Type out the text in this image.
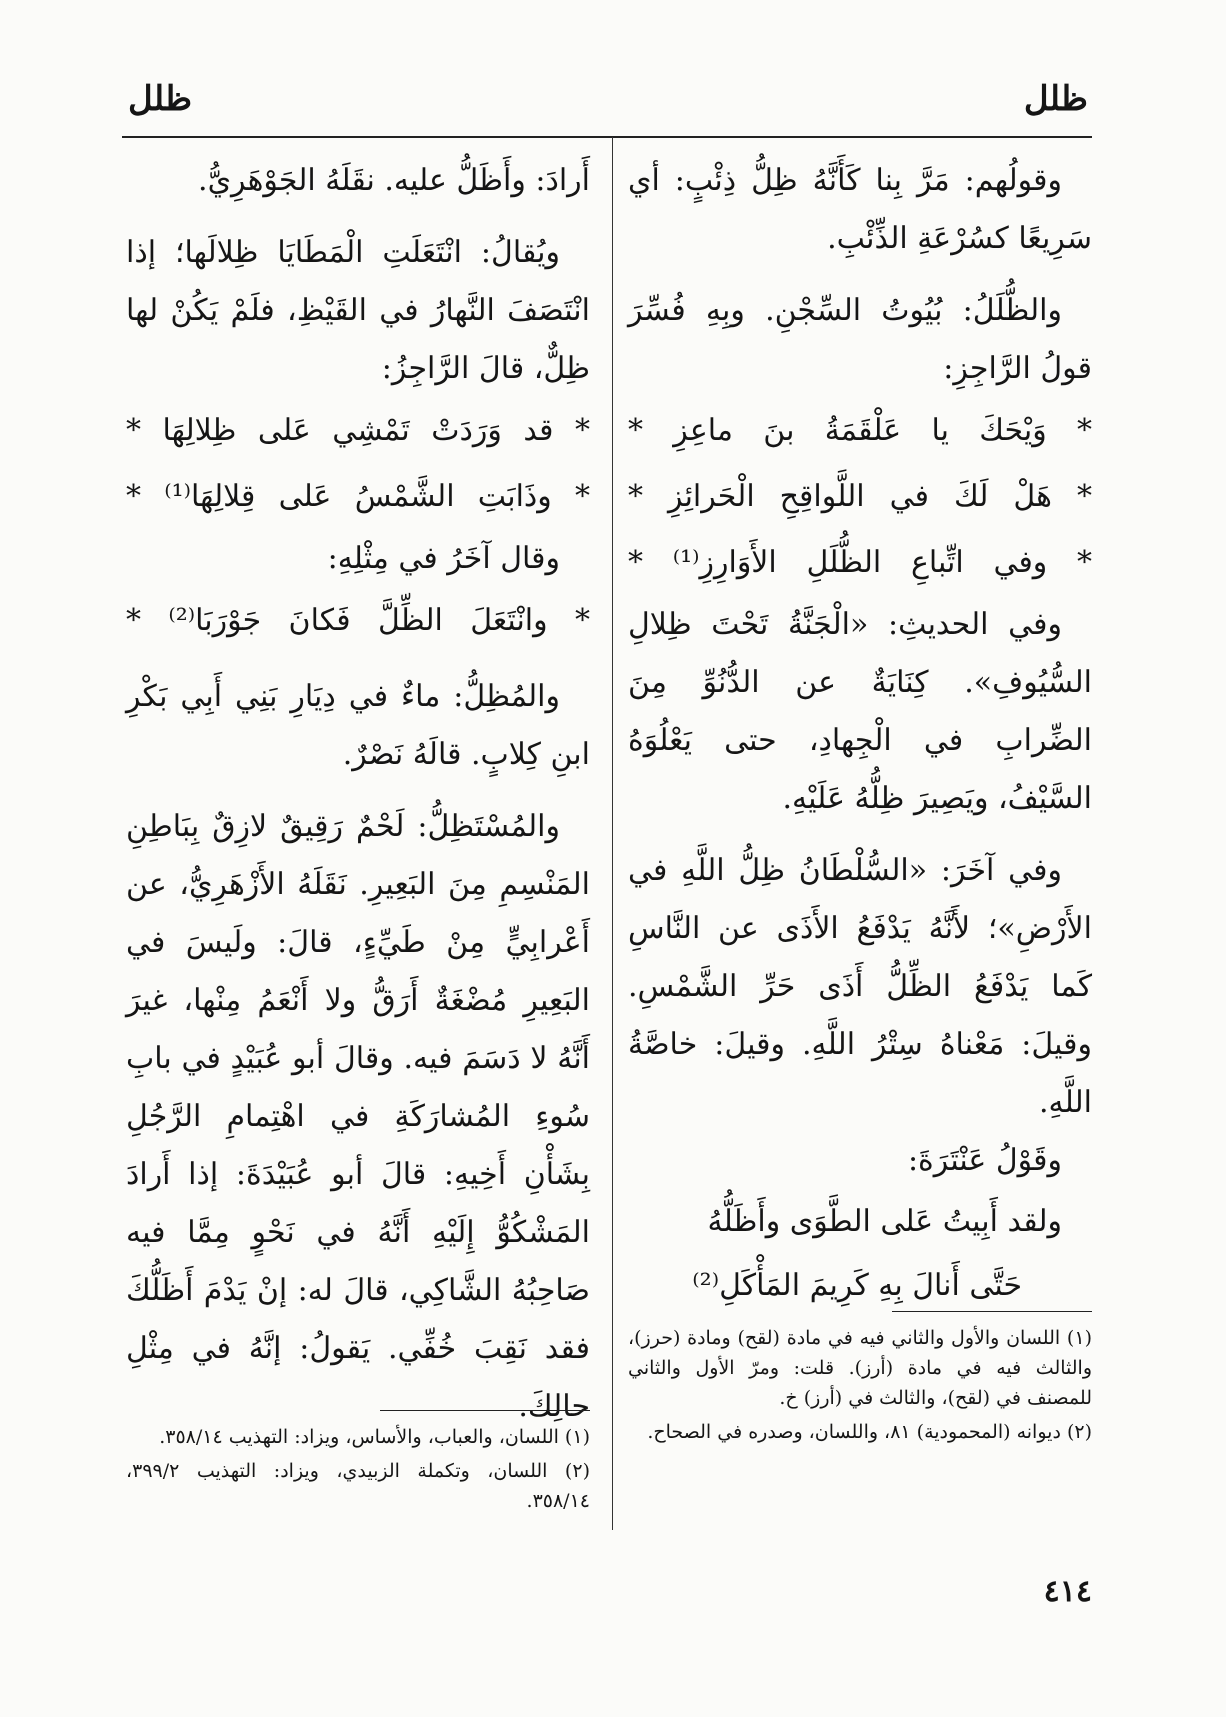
ظلل
ظلل

وقولُهم: مَرَّ بِنا كَأَنَّهُ ظِلُّ ذِئْبٍ: أي سَرِيعًا كسُرْعَةِ الذِّئْبِ.

والظُّلَلُ: بُيُوتُ السِّجْنِ. وبِهِ فُسِّرَ قولُ الرَّاجِزِ:

* وَيْحَكَ يا عَلْقَمَةُ بنَ ماعِزِ *

* هَلْ لَكَ في اللَّواقِحِ الْحَرائِزِ *

* وفي اتِّباعِ الظُّلَلِ الأَوَارِزِ⁽¹⁾ *

وفي الحديثِ: «الْجَنَّةُ تَحْتَ ظِلالِ السُّيُوفِ». كِنَايَةٌ عن الدُّنُوِّ مِنَ الضِّرابِ في الْجِهادِ، حتى يَعْلُوَهُ السَّيْفُ، ويَصِيرَ ظِلُّهُ عَلَيْهِ.

وفي آخَرَ: «السُّلْطَانُ ظِلُّ اللَّهِ في الأَرْضِ»؛ لأَنَّهُ يَدْفَعُ الأَذَى عن النَّاسِ كَما يَدْفَعُ الظِّلُّ أَذَى حَرِّ الشَّمْسِ. وقيلَ: مَعْناهُ سِتْرُ اللَّهِ. وقيلَ: خاصَّةُ اللَّهِ.

وقَوْلُ عَنْتَرَةَ:

ولقد أَبِيتُ عَلى الطَّوَى وأَظَلُّهُ

حَتَّى أَنالَ بِهِ كَرِيمَ المَأْكَلِ⁽²⁾

أَرادَ: وأَظَلُّ عليه. نقَلَهُ الجَوْهَرِيُّ.

ويُقالُ: انْتَعَلَتِ الْمَطَايَا ظِلالَها؛ إذا انْتَصَفَ النَّهارُ في القَيْظِ، فلَمْ يَكُنْ لها ظِلٌّ، قالَ الرَّاجِزُ:

* قد وَرَدَتْ تَمْشِي عَلى ظِلالِهَا *

* وذَابَتِ الشَّمْسُ عَلى قِلالِهَا⁽¹⁾ *

وقال آخَرُ في مِثْلِهِ:

* وانْتَعَلَ الظِّلَّ فَكانَ جَوْرَبَا⁽²⁾ *

والمُظِلُّ: ماءٌ في دِيَارِ بَنِي أَبِي بَكْرِ ابنِ كِلابٍ. قالَهُ نَصْرٌ.

والمُسْتَظِلُّ: لَحْمٌ رَقِيقٌ لازِقٌ بِبَاطِنِ المَنْسِمِ مِنَ البَعِيرِ. نَقَلَهُ الأَزْهَرِيُّ، عن أَعْرابِيٍّ مِنْ طَيِّءٍ، قالَ: ولَيسَ في البَعِيرِ مُضْغَةٌ أَرَقُّ ولا أَنْعَمُ مِنْها، غيرَ أَنَّهُ لا دَسَمَ فيه. وقالَ أبو عُبَيْدٍ في بابِ سُوءِ المُشارَكَةِ في اهْتِمامِ الرَّجُلِ بِشَأْنِ أَخِيهِ: قالَ أبو عُبَيْدَةَ: إذا أَرادَ المَشْكُوُّ إِلَيْهِ أَنَّهُ في نَحْوٍ مِمَّا فيه صَاحِبُهُ الشَّاكِي، قالَ له: إنْ يَدْمَ أَظَلُّكَ فقد نَقِبَ خُفِّي. يَقولُ: إنَّهُ في مِثْلِ حالِكَ.

(١) اللسان والأول والثاني فيه في مادة (لقح) ومادة (حرز)، والثالث فيه في مادة (أرز). قلت: ومرّ الأول والثاني للمصنف في (لقح)، والثالث في (أرز) خ.

(٢) ديوانه (المحمودية) ٨١، واللسان، وصدره في الصحاح.

(١) اللسان، والعباب، والأساس، ويزاد: التهذيب ٣٥٨/١٤.

(٢) اللسان، وتكملة الزبيدي، ويزاد: التهذيب ٣٩٩/٢، ٣٥٨/١٤.

٤١٤
